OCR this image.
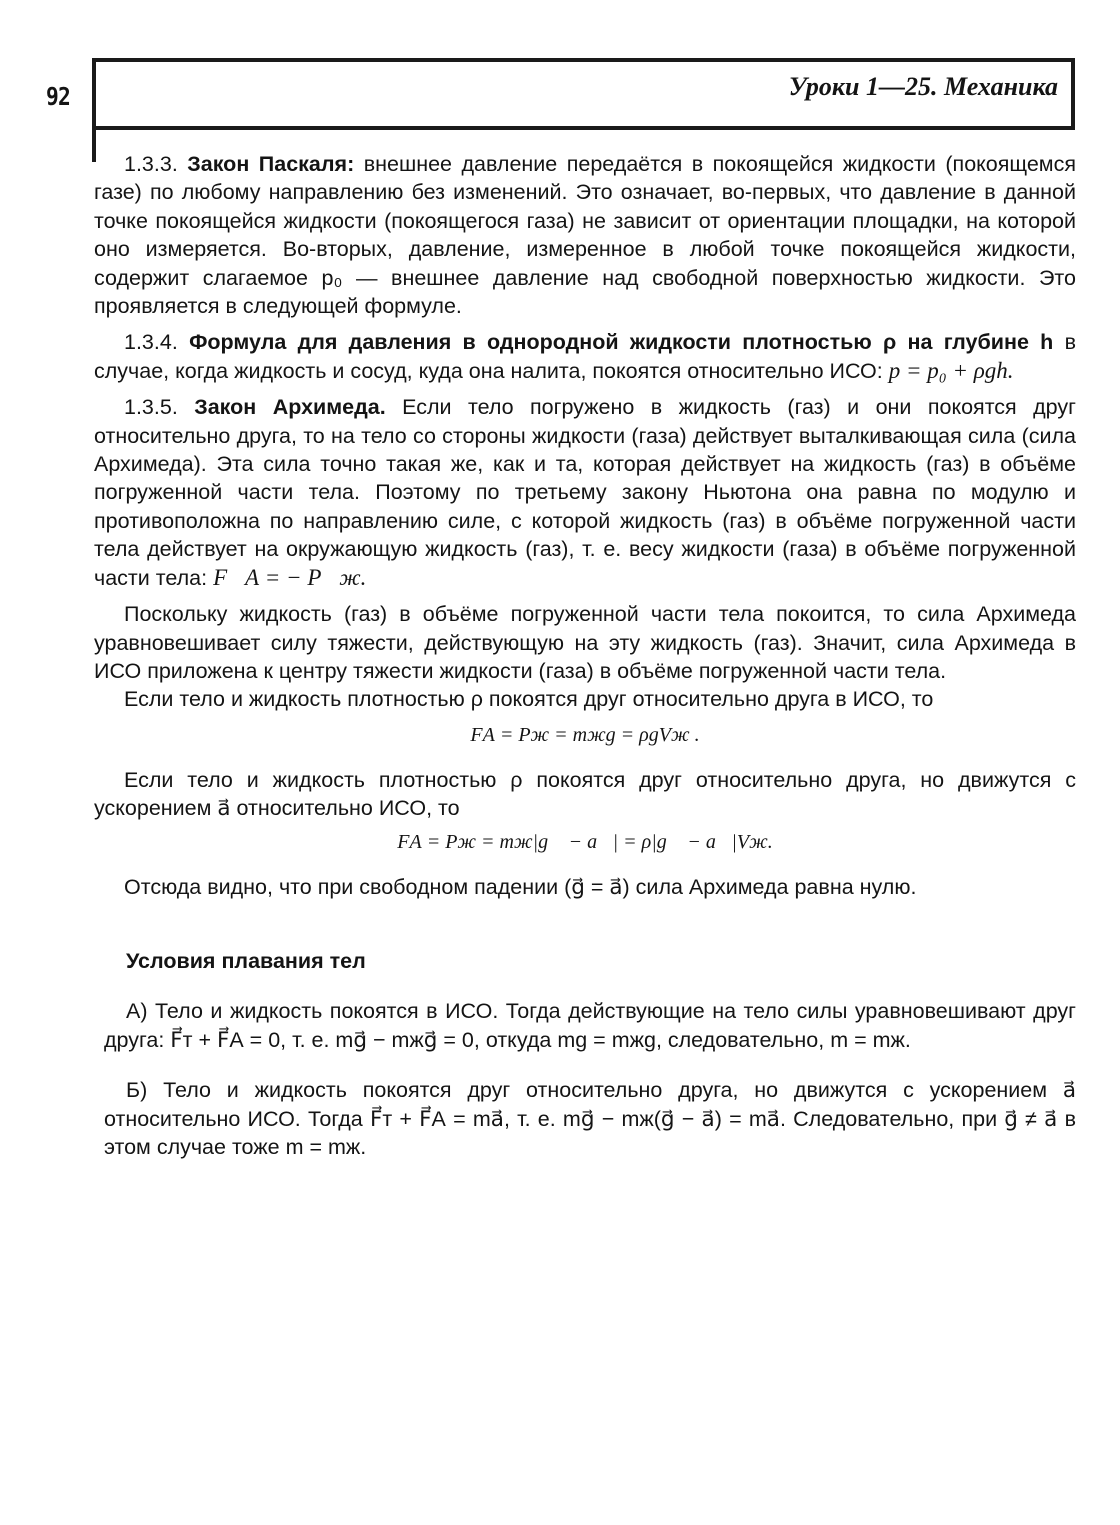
92	Уроки 1—25. Механика

1.3.3. Закон Паскаля: внешнее давление передаётся в покоящейся жидкости (покоящемся газе) по любому направлению без изменений. Это означает, во-первых, что давление в данной точке покоящейся жидкости (покоящегося газа) не зависит от ориентации площадки, на которой оно измеряется. Во-вторых, давление, измеренное в любой точке покоящейся жидкости, содержит слагаемое p₀ — внешнее давление над свободной поверхностью жидкости. Это проявляется в следующей формуле.

1.3.4. Формула для давления в однородной жидкости плотностью ρ на глубине h в случае, когда жидкость и сосуд, куда она налита, покоятся относительно ИСО: p = p₀ + ρgh.

1.3.5. Закон Архимеда. Если тело погружено в жидкость (газ) и они покоятся друг относительно друга, то на тело со стороны жидкости (газа) действует выталкивающая сила (сила Архимеда). Эта сила точно такая же, как и та, которая действует на жидкость (газ) в объёме погруженной части тела. Поэтому по третьему закону Ньютона она равна по модулю и противоположна по направлению силе, с которой жидкость (газ) в объёме погруженной части тела действует на окружающую жидкость (газ), т. е. весу жидкости (газа) в объёме погруженной части тела: F⃗А = − P⃗ж.

Поскольку жидкость (газ) в объёме погруженной части тела покоится, то сила Архимеда уравновешивает силу тяжести, действующую на эту жидкость (газ). Значит, сила Архимеда в ИСО приложена к центру тяжести жидкости (газа) в объёме погруженной части тела.

Если тело и жидкость плотностью ρ покоятся друг относительно друга в ИСО, то

FА = Pж = mжg = ρgVж .

Если тело и жидкость плотностью ρ покоятся друг относительно друга, но движутся с ускорением a⃗ относительно ИСО, то

FА = Pж = mж|g⃗ − a⃗| = ρ|g⃗ − a⃗|Vж.

Отсюда видно, что при свободном падении (g⃗ = a⃗) сила Архимеда равна нулю.

Условия плавания тел

А) Тело и жидкость покоятся в ИСО. Тогда действующие на тело силы уравновешивают друг друга: F⃗т + F⃗А = 0, т. е. mg⃗ − mжg⃗ = 0, откуда mg = mжg, следовательно, m = mж.

Б) Тело и жидкость покоятся друг относительно друга, но движутся с ускорением a⃗ относительно ИСО. Тогда F⃗т + F⃗А = ma⃗, т. е. mg⃗ − mж(g⃗ − a⃗) = ma⃗. Следовательно, при g⃗ ≠ a⃗ в этом случае тоже m = mж.
